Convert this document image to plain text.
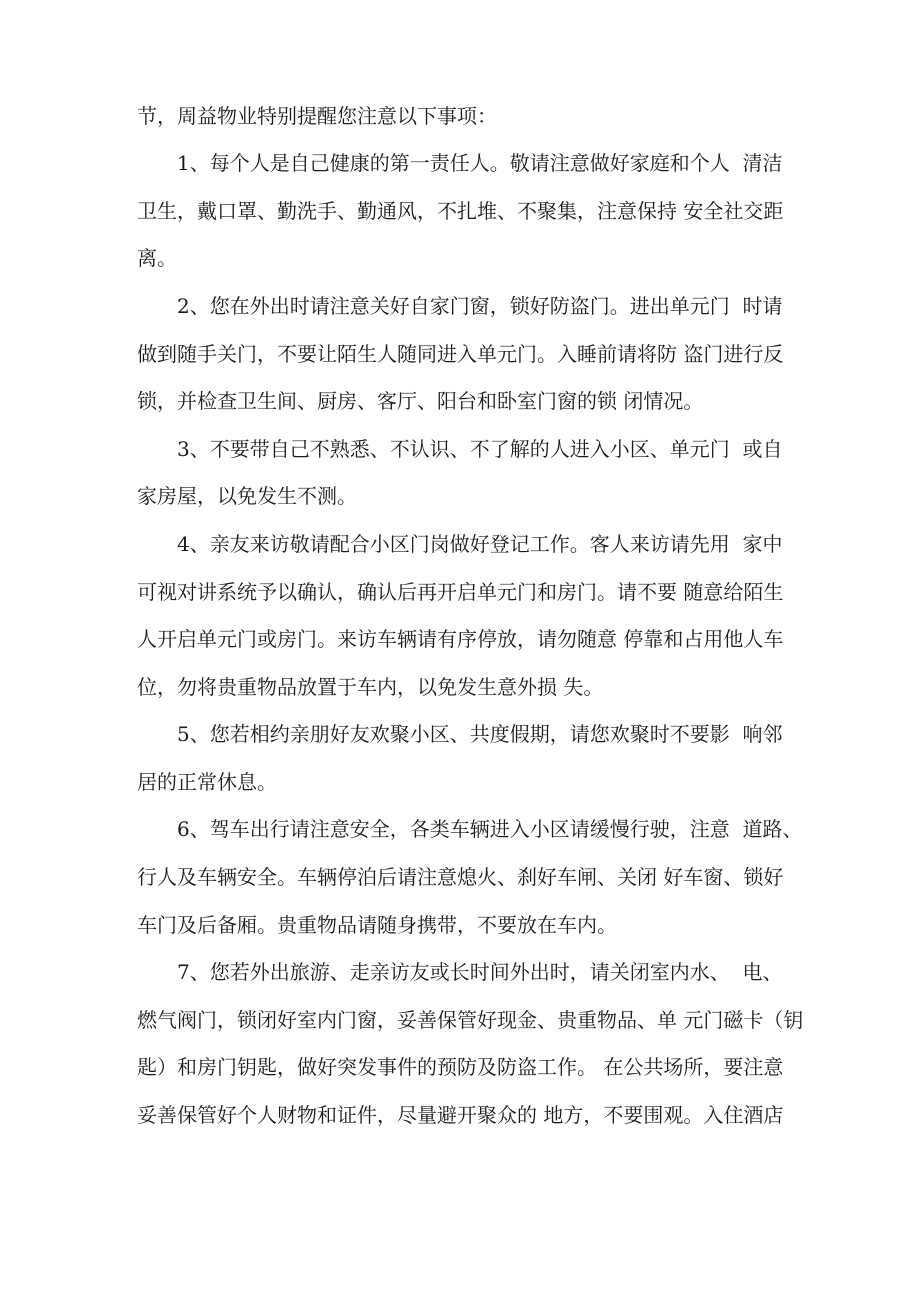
节，周益物业特别提醒您注意以下事项：

1、每个人是自己健康的第一责任人。敬请注意做好家庭和个人  清洁

卫生，戴口罩、勤洗手、勤通风，不扎堆、不聚集，注意保持 安全社交距

离。

2、您在外出时请注意关好自家门窗，锁好防盗门。进出单元门  时请

做到随手关门，不要让陌生人随同进入单元门。入睡前请将防 盗门进行反

锁，并检查卫生间、厨房、客厅、阳台和卧室门窗的锁 闭情况。

3、不要带自己不熟悉、不认识、不了解的人进入小区、单元门  或自

家房屋，以免发生不测。

4、亲友来访敬请配合小区门岗做好登记工作。客人来访请先用  家中

可视对讲系统予以确认，确认后再开启单元门和房门。请不要 随意给陌生

人开启单元门或房门。来访车辆请有序停放，请勿随意 停靠和占用他人车

位，勿将贵重物品放置于车内，以免发生意外损 失。

5、您若相约亲朋好友欢聚小区、共度假期，请您欢聚时不要影  响邻

居的正常休息。

6、驾车出行请注意安全，各类车辆进入小区请缓慢行驶，注意  道路、

行人及车辆安全。车辆停泊后请注意熄火、刹好车闸、关闭 好车窗、锁好

车门及后备厢。贵重物品请随身携带，不要放在车内。

7、您若外出旅游、走亲访友或长时间外出时，请关闭室内水、  电、

燃气阀门，锁闭好室内门窗，妥善保管好现金、贵重物品、单 元门磁卡（钥

匙）和房门钥匙，做好突发事件的预防及防盗工作。 在公共场所，要注意

妥善保管好个人财物和证件，尽量避开聚众的 地方，不要围观。入住酒店
